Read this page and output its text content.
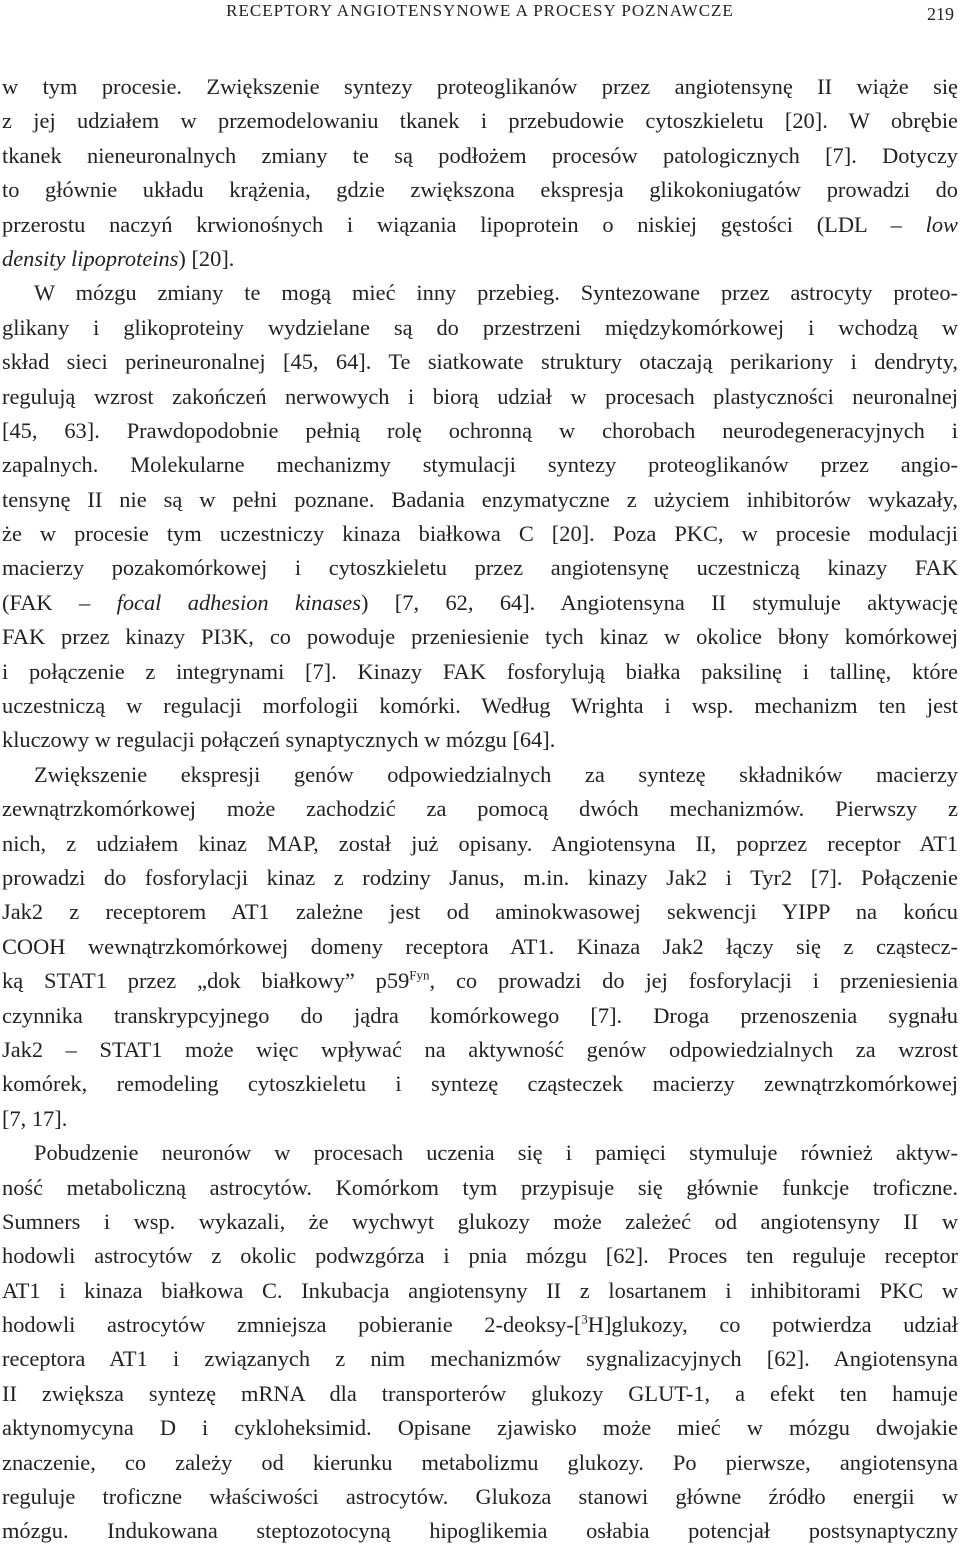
RECEPTORY ANGIOTENSYNOWE A PROCESY POZNAWCZE	219
w tym procesie. Zwiększenie syntezy proteoglikanów przez angiotensynę II wiąże się
z jej udziałem w przemodelowaniu tkanek i przebudowie cytoszkieletu [20]. W obrębie
tkanek nieneuronalnych zmiany te są podłożem procesów patologicznych [7]. Dotyczy
to głównie układu krążenia, gdzie zwiększona ekspresja glikokoniugatów prowadzi do
przerostu naczyń krwionośnych i wiązania lipoprotein o niskiej gęstości (LDL – low
density lipoproteins) [20].
W mózgu zmiany te mogą mieć inny przebieg. Syntezowane przez astrocyty proteo-
glikany i glikoproteiny wydzielane są do przestrzeni międzykomórkowej i wchodzą w
skład sieci perineuronalnej [45, 64]. Te siatkowate struktury otaczają perikariony i dendryty,
regulują wzrost zakończeń nerwowych i biorą udział w procesach plastyczności neuronalnej
[45, 63]. Prawdopodobnie pełnią rolę ochronną w chorobach neurodegeneracyjnych i
zapalnych. Molekularne mechanizmy stymulacji syntezy proteoglikanów przez angio-
tensynę II nie są w pełni poznane. Badania enzymatyczne z użyciem inhibitorów wykazały,
że w procesie tym uczestniczy kinaza białkowa C [20]. Poza PKC, w procesie modulacji
macierzy pozakomórkowej i cytoszkieletu przez angiotensynę uczestniczą kinazy FAK
(FAK – focal adhesion kinases) [7, 62, 64]. Angiotensyna II stymuluje aktywację
FAK przez kinazy PI3K, co powoduje przeniesienie tych kinaz w okolice błony komórkowej
i połączenie z integrynami [7]. Kinazy FAK fosforylują białka paksilinę i tallinę, które
uczestniczą w regulacji morfologii komórki. Według Wrighta i wsp. mechanizm ten jest
kluczowy w regulacji połączeń synaptycznych w mózgu [64].
Zwiększenie ekspresji genów odpowiedzialnych za syntezę składników macierzy
zewnątrzkomórkowej może zachodzić za pomocą dwóch mechanizmów. Pierwszy z
nich, z udziałem kinaz MAP, został już opisany. Angiotensyna II, poprzez receptor AT1
prowadzi do fosforylacji kinaz z rodziny Janus, m.in. kinazy Jak2 i Tyr2 [7]. Połączenie
Jak2 z receptorem AT1 zależne jest od aminokwasowej sekwencji YIPP na końcu
COOH wewnątrzkomórkowej domeny receptora AT1. Kinaza Jak2 łączy się z cząstecz-
ką STAT1 przez „dok białkowy” $p59^{Fyn}$, co prowadzi do jej fosforylacji i przeniesienia
czynnika transkrypcyjnego do jądra komórkowego [7]. Droga przenoszenia sygnału
Jak2 – STAT1 może więc wpływać na aktywność genów odpowiedzialnych za wzrost
komórek, remodeling cytoszkieletu i syntezę cząsteczek macierzy zewnątrzkomórkowej
[7, 17].
Pobudzenie neuronów w procesach uczenia się i pamięci stymuluje również aktyw-
ność metaboliczną astrocytów. Komórkom tym przypisuje się głównie funkcje troficzne.
Sumners i wsp. wykazali, że wychwyt glukozy może zależeć od angiotensyny II w
hodowli astrocytów z okolic podwzgórza i pnia mózgu [62]. Proces ten reguluje receptor
AT1 i kinaza białkowa C. Inkubacja angiotensyny II z losartanem i inhibitorami PKC w
hodowli astrocytów zmniejsza pobieranie 2-deoksy-[$^3$H]glukozy, co potwierdza udział
receptora AT1 i związanych z nim mechanizmów sygnalizacyjnych [62]. Angiotensyna
II zwiększa syntezę mRNA dla transporterów glukozy GLUT-1, a efekt ten hamuje
aktynomycyna D i cykloheksimid. Opisane zjawisko może mieć w mózgu dwojakie
znaczenie, co zależy od kierunku metabolizmu glukozy. Po pierwsze, angiotensyna
reguluje troficzne właściwości astrocytów. Glukoza stanowi główne źródło energii w
mózgu. Indukowana steptozotocyną hipoglikemia osłabia potencjał postsynaptyczny
